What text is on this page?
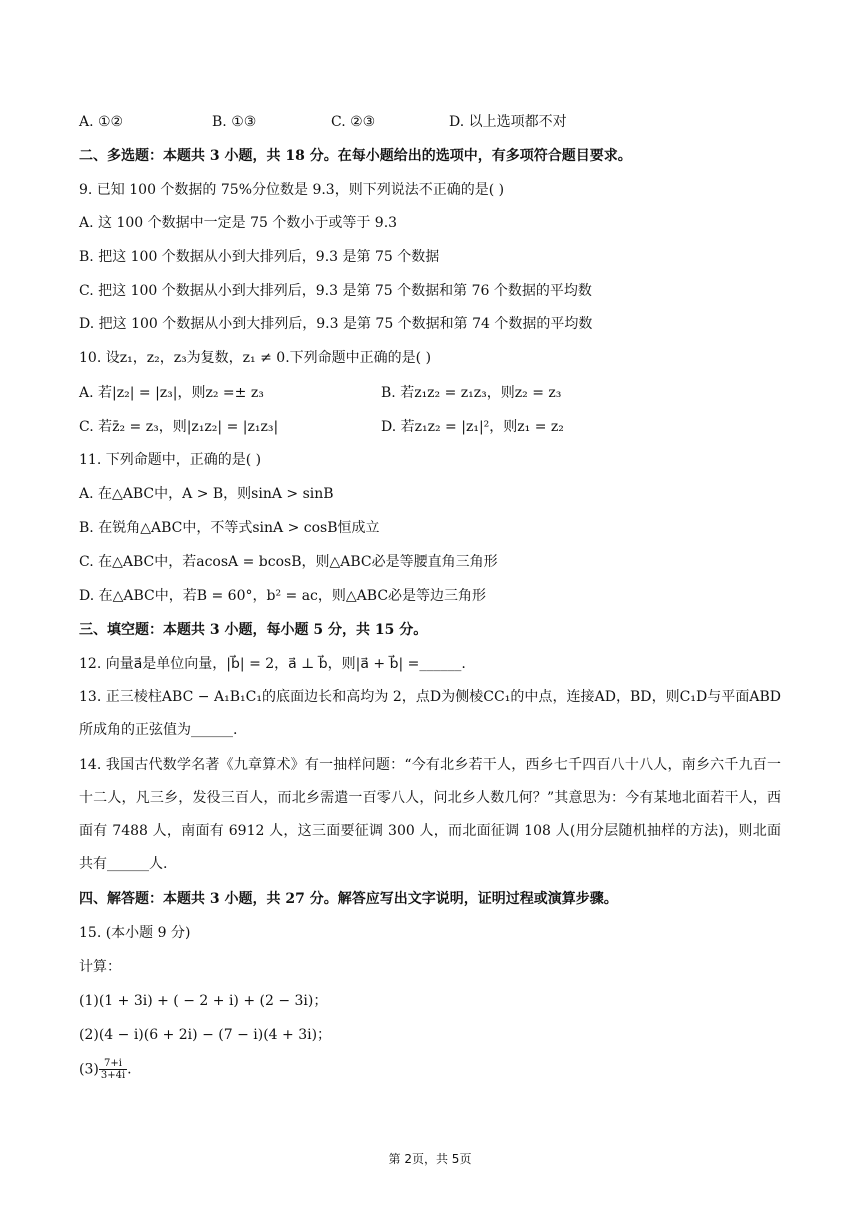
A. ①②	B. ①③	C. ②③	D. 以上选项都不对
二、多选题：本题共 3 小题，共 18 分。在每小题给出的选项中，有多项符合题目要求。
9. 已知 100 个数据的 75%分位数是 9.3，则下列说法不正确的是( )
A. 这 100 个数据中一定是 75 个数小于或等于 9.3
B. 把这 100 个数据从小到大排列后，9.3 是第 75 个数据
C. 把这 100 个数据从小到大排列后，9.3 是第 75 个数据和第 76 个数据的平均数
D. 把这 100 个数据从小到大排列后，9.3 是第 75 个数据和第 74 个数据的平均数
10. 设z₁，z₂，z₃为复数，z₁ ≠ 0.下列命题中正确的是( )
A. 若|z₂| = |z₃|，则z₂ =± z₃	B. 若z₁z₂ = z₁z₃，则z₂ = z₃
C. 若z̄₂ = z₃，则|z₁z₂| = |z₁z₃|	D. 若z₁z₂ = |z₁|²，则z₁ = z₂
11. 下列命题中，正确的是( )
A. 在△ABC中，A > B，则sinA > sinB
B. 在锐角△ABC中，不等式sinA > cosB恒成立
C. 在△ABC中，若acosA = bcosB，则△ABC必是等腰直角三角形
D. 在△ABC中，若B = 60°，b² = ac，则△ABC必是等边三角形
三、填空题：本题共 3 小题，每小题 5 分，共 15 分。
12. 向量a⃗是单位向量，|b⃗| = 2，a⃗ ⊥ b⃗，则|a⃗ + b⃗| =______.
13. 正三棱柱ABC − A₁B₁C₁的底面边长和高均为 2，点D为侧棱CC₁的中点，连接AD，BD，则C₁D与平面ABD所成角的正弦值为______.
14. 我国古代数学名著《九章算术》有一抽样问题：“今有北乡若干人，西乡七千四百八十八人，南乡六千九百一十二人，凡三乡，发役三百人，而北乡需遣一百零八人，问北乡人数几何？”其意思为：今有某地北面若干人，西面有 7488 人，南面有 6912 人，这三面要征调 300 人，而北面征调 108 人(用分层随机抽样的方法)，则北面共有______人.
四、解答题：本题共 3 小题，共 27 分。解答应写出文字说明，证明过程或演算步骤。
15. (本小题 9 分)
计算：
(1)(1 + 3i) + ( − 2 + i) + (2 − 3i)；
(2)(4 − i)(6 + 2i) − (7 − i)(4 + 3i)；
$(3) \frac{7+i}{3+4i}$ .
第 2页，共 5页
